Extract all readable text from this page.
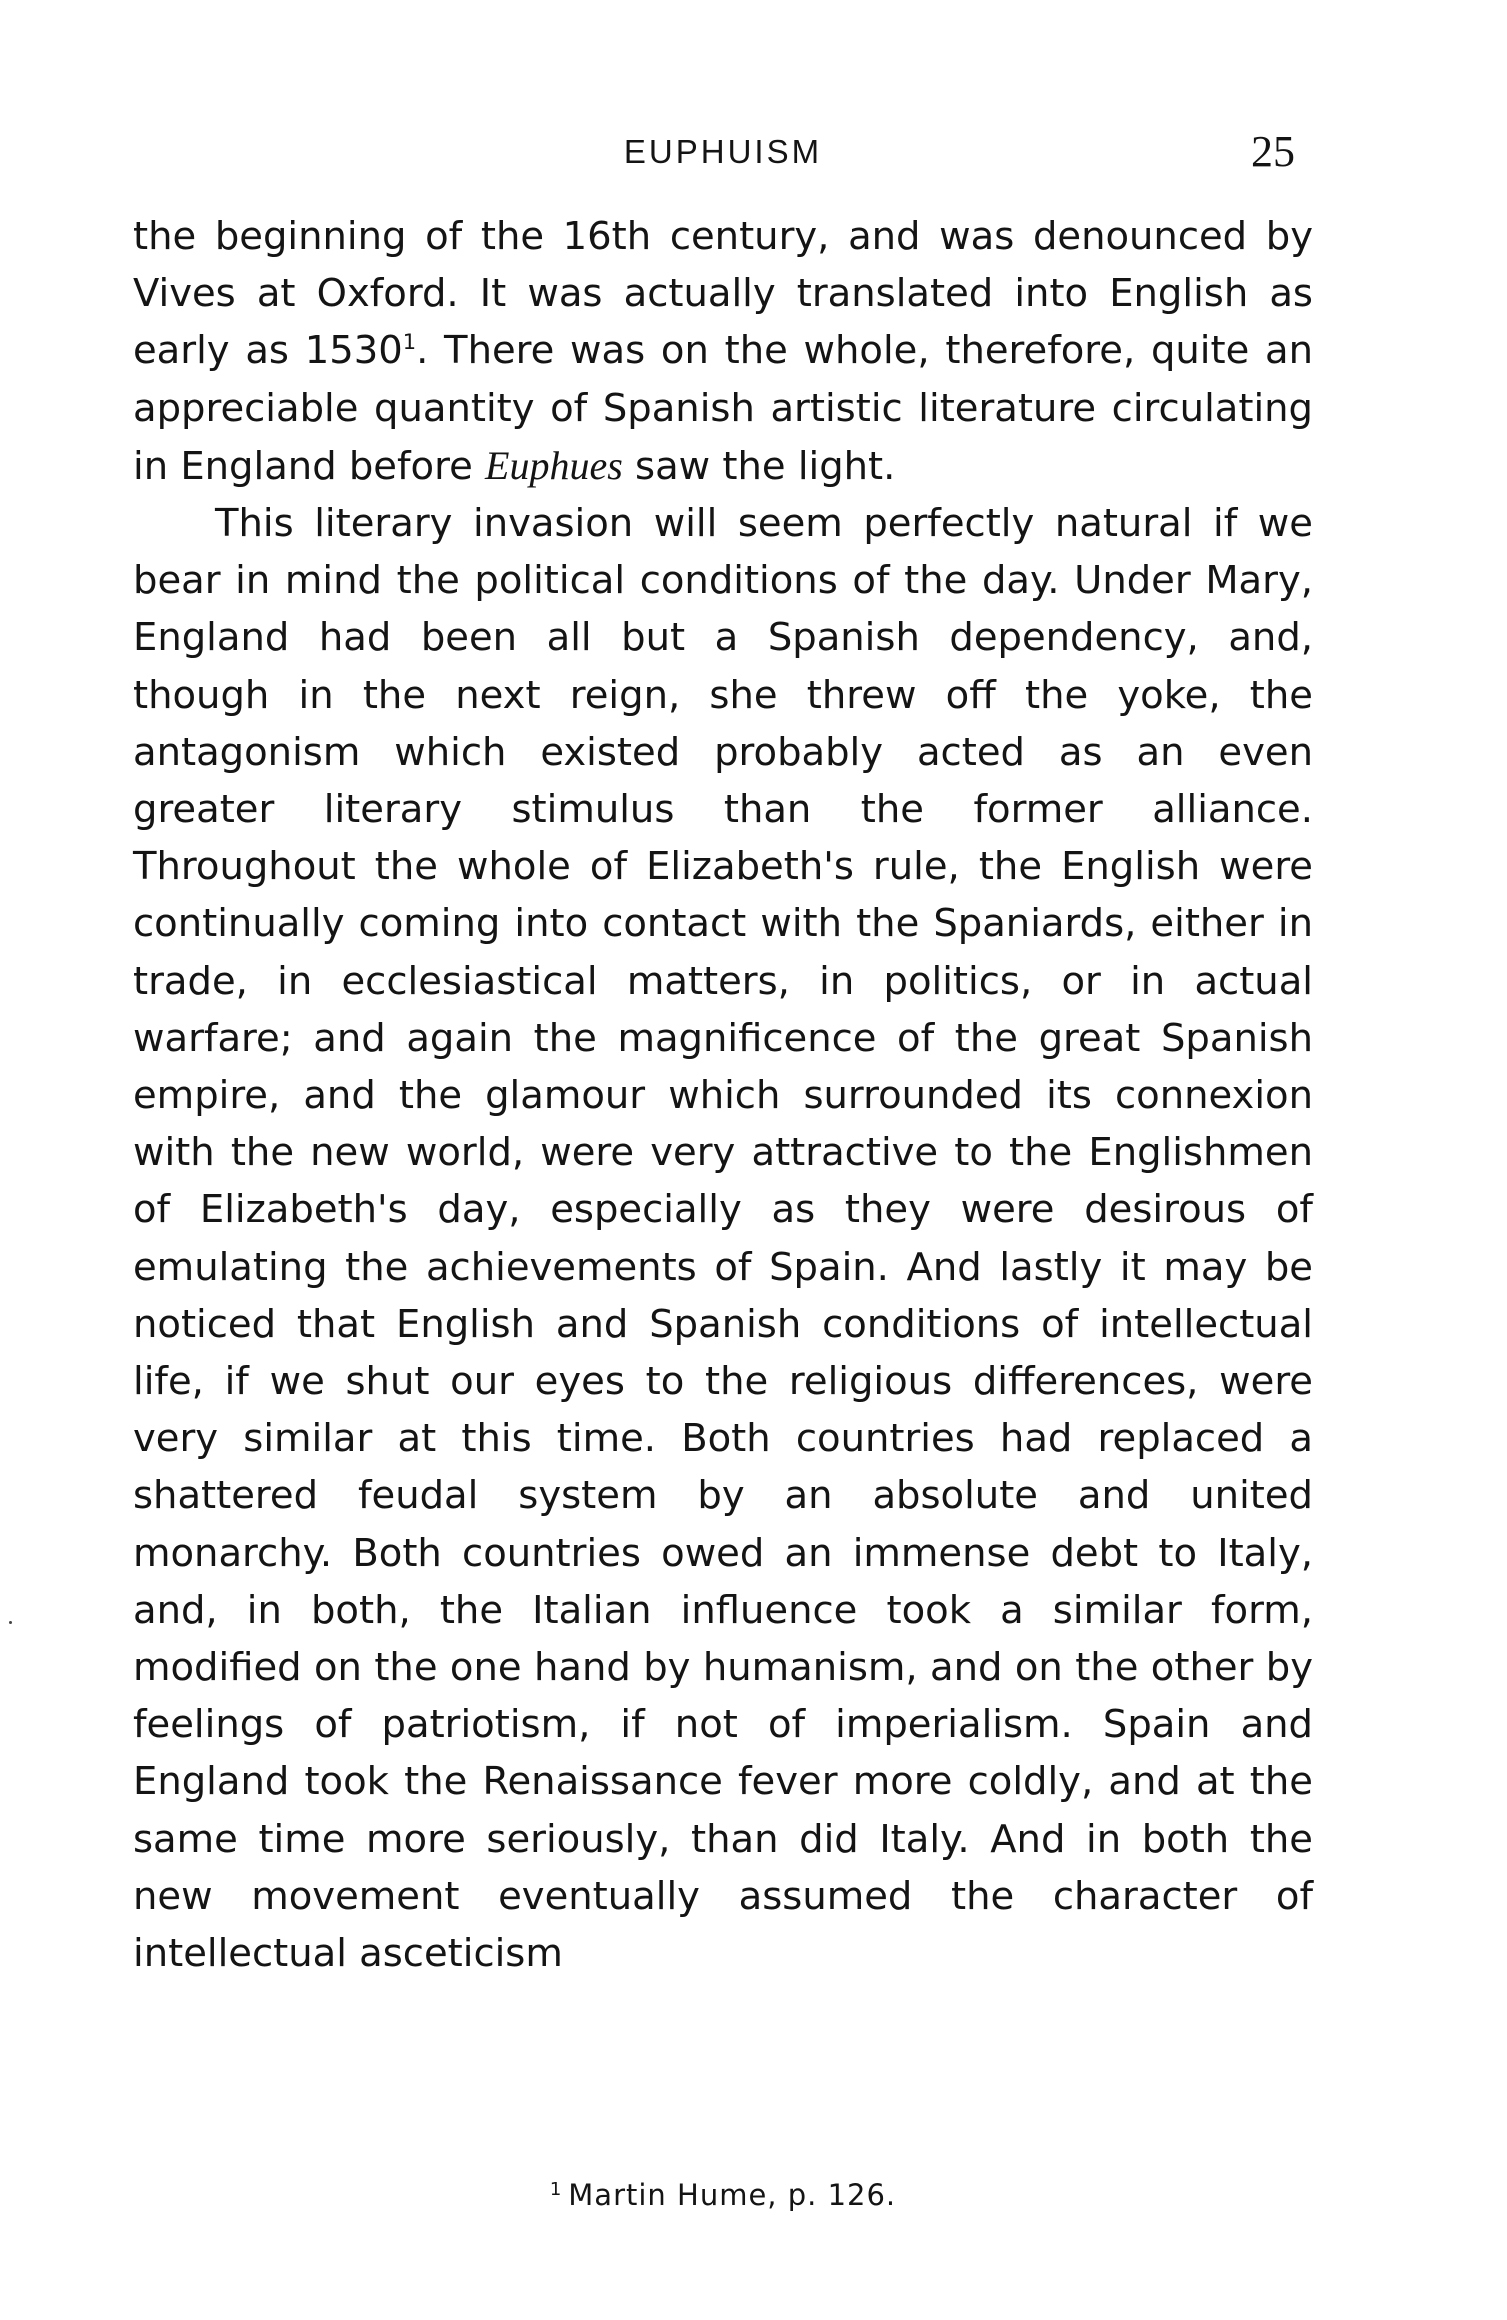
EUPHUISM	25

the beginning of the 16th century, and was denounced by Vives at Oxford. It was actually translated into English as early as 1530$^1$. There was on the whole, therefore, quite an appreciable quantity of Spanish artistic literature circulating in England before Euphues saw the light.

This literary invasion will seem perfectly natural if we bear in mind the political conditions of the day. Under Mary, England had been all but a Spanish dependency, and, though in the next reign, she threw off the yoke, the antagonism which existed probably acted as an even greater literary stimulus than the former alliance. Throughout the whole of Elizabeth's rule, the English were continually coming into contact with the Spaniards, either in trade, in ecclesiastical matters, in politics, or in actual warfare; and again the magnificence of the great Spanish empire, and the glamour which surrounded its connexion with the new world, were very attractive to the Englishmen of Elizabeth's day, especially as they were desirous of emulating the achievements of Spain. And lastly it may be noticed that English and Spanish conditions of intellectual life, if we shut our eyes to the religious differences, were very similar at this time. Both countries had replaced a shattered feudal system by an absolute and united monarchy. Both countries owed an immense debt to Italy, and, in both, the Italian influence took a similar form, modified on the one hand by humanism, and on the other by feelings of patriotism, if not of imperialism. Spain and England took the Renaissance fever more coldly, and at the same time more seriously, than did Italy. And in both the new movement eventually assumed the character of intellectual asceticism

$^1$ Martin Hume, p. 126.
